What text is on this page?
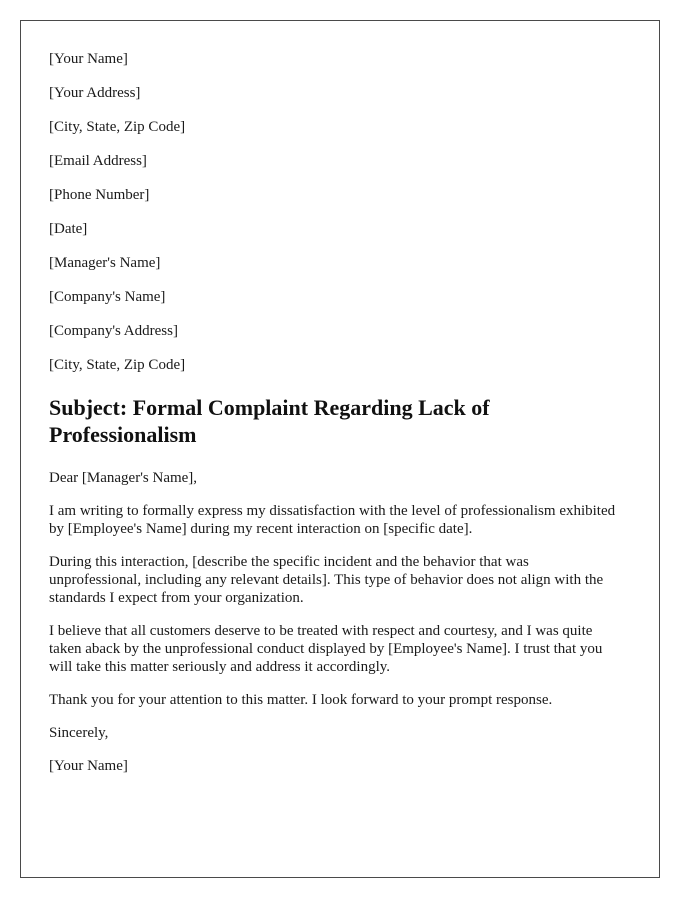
[Your Name]
[Your Address]
[City, State, Zip Code]
[Email Address]
[Phone Number]
[Date]
[Manager's Name]
[Company's Name]
[Company's Address]
[City, State, Zip Code]
Subject: Formal Complaint Regarding Lack of Professionalism

Dear [Manager's Name],

I am writing to formally express my dissatisfaction with the level of professionalism exhibited by [Employee's Name] during my recent interaction on [specific date].

During this interaction, [describe the specific incident and the behavior that was unprofessional, including any relevant details]. This type of behavior does not align with the standards I expect from your organization.

I believe that all customers deserve to be treated with respect and courtesy, and I was quite taken aback by the unprofessional conduct displayed by [Employee's Name]. I trust that you will take this matter seriously and address it accordingly.

Thank you for your attention to this matter. I look forward to your prompt response.

Sincerely,

[Your Name]
